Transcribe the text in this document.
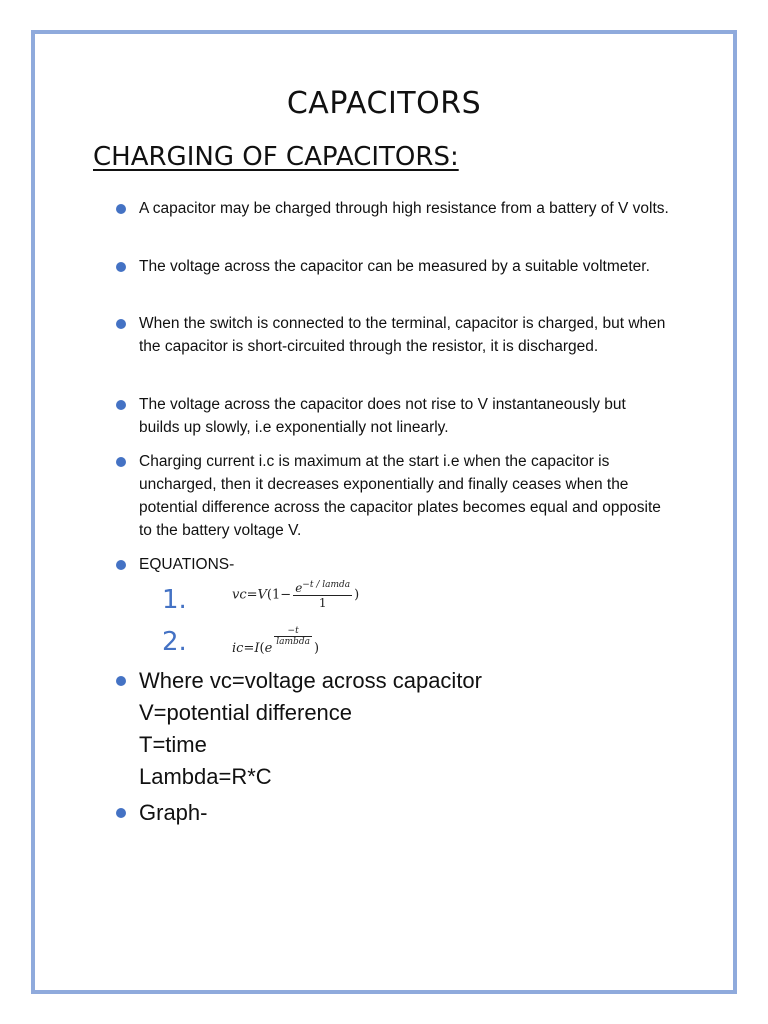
CAPACITORS
CHARGING OF CAPACITORS:
A capacitor may be charged through high resistance from a battery of V volts.
The voltage across the capacitor can be measured by a suitable voltmeter.
When the switch is connected to the terminal, capacitor is charged, but when the capacitor is short-circuited through the resistor, it is discharged.
The voltage across the capacitor does not rise to V instantaneously but builds up slowly, i.e exponentially not linearly.
Charging current i.c is maximum at the start i.e when the capacitor is uncharged, then it decreases exponentially and finally ceases when the potential difference across the capacitor plates becomes equal and opposite to the battery voltage V.
EQUATIONS-
1.	$vc=V(1- \frac{e^{-t / lamda}}{1}$ )
2.	ic=I(e
$\frac{-t}{\text{lambda}}$
)
Where vc=voltage across capacitor
V=potential difference
T=time
Lambda=R*C
Graph-
